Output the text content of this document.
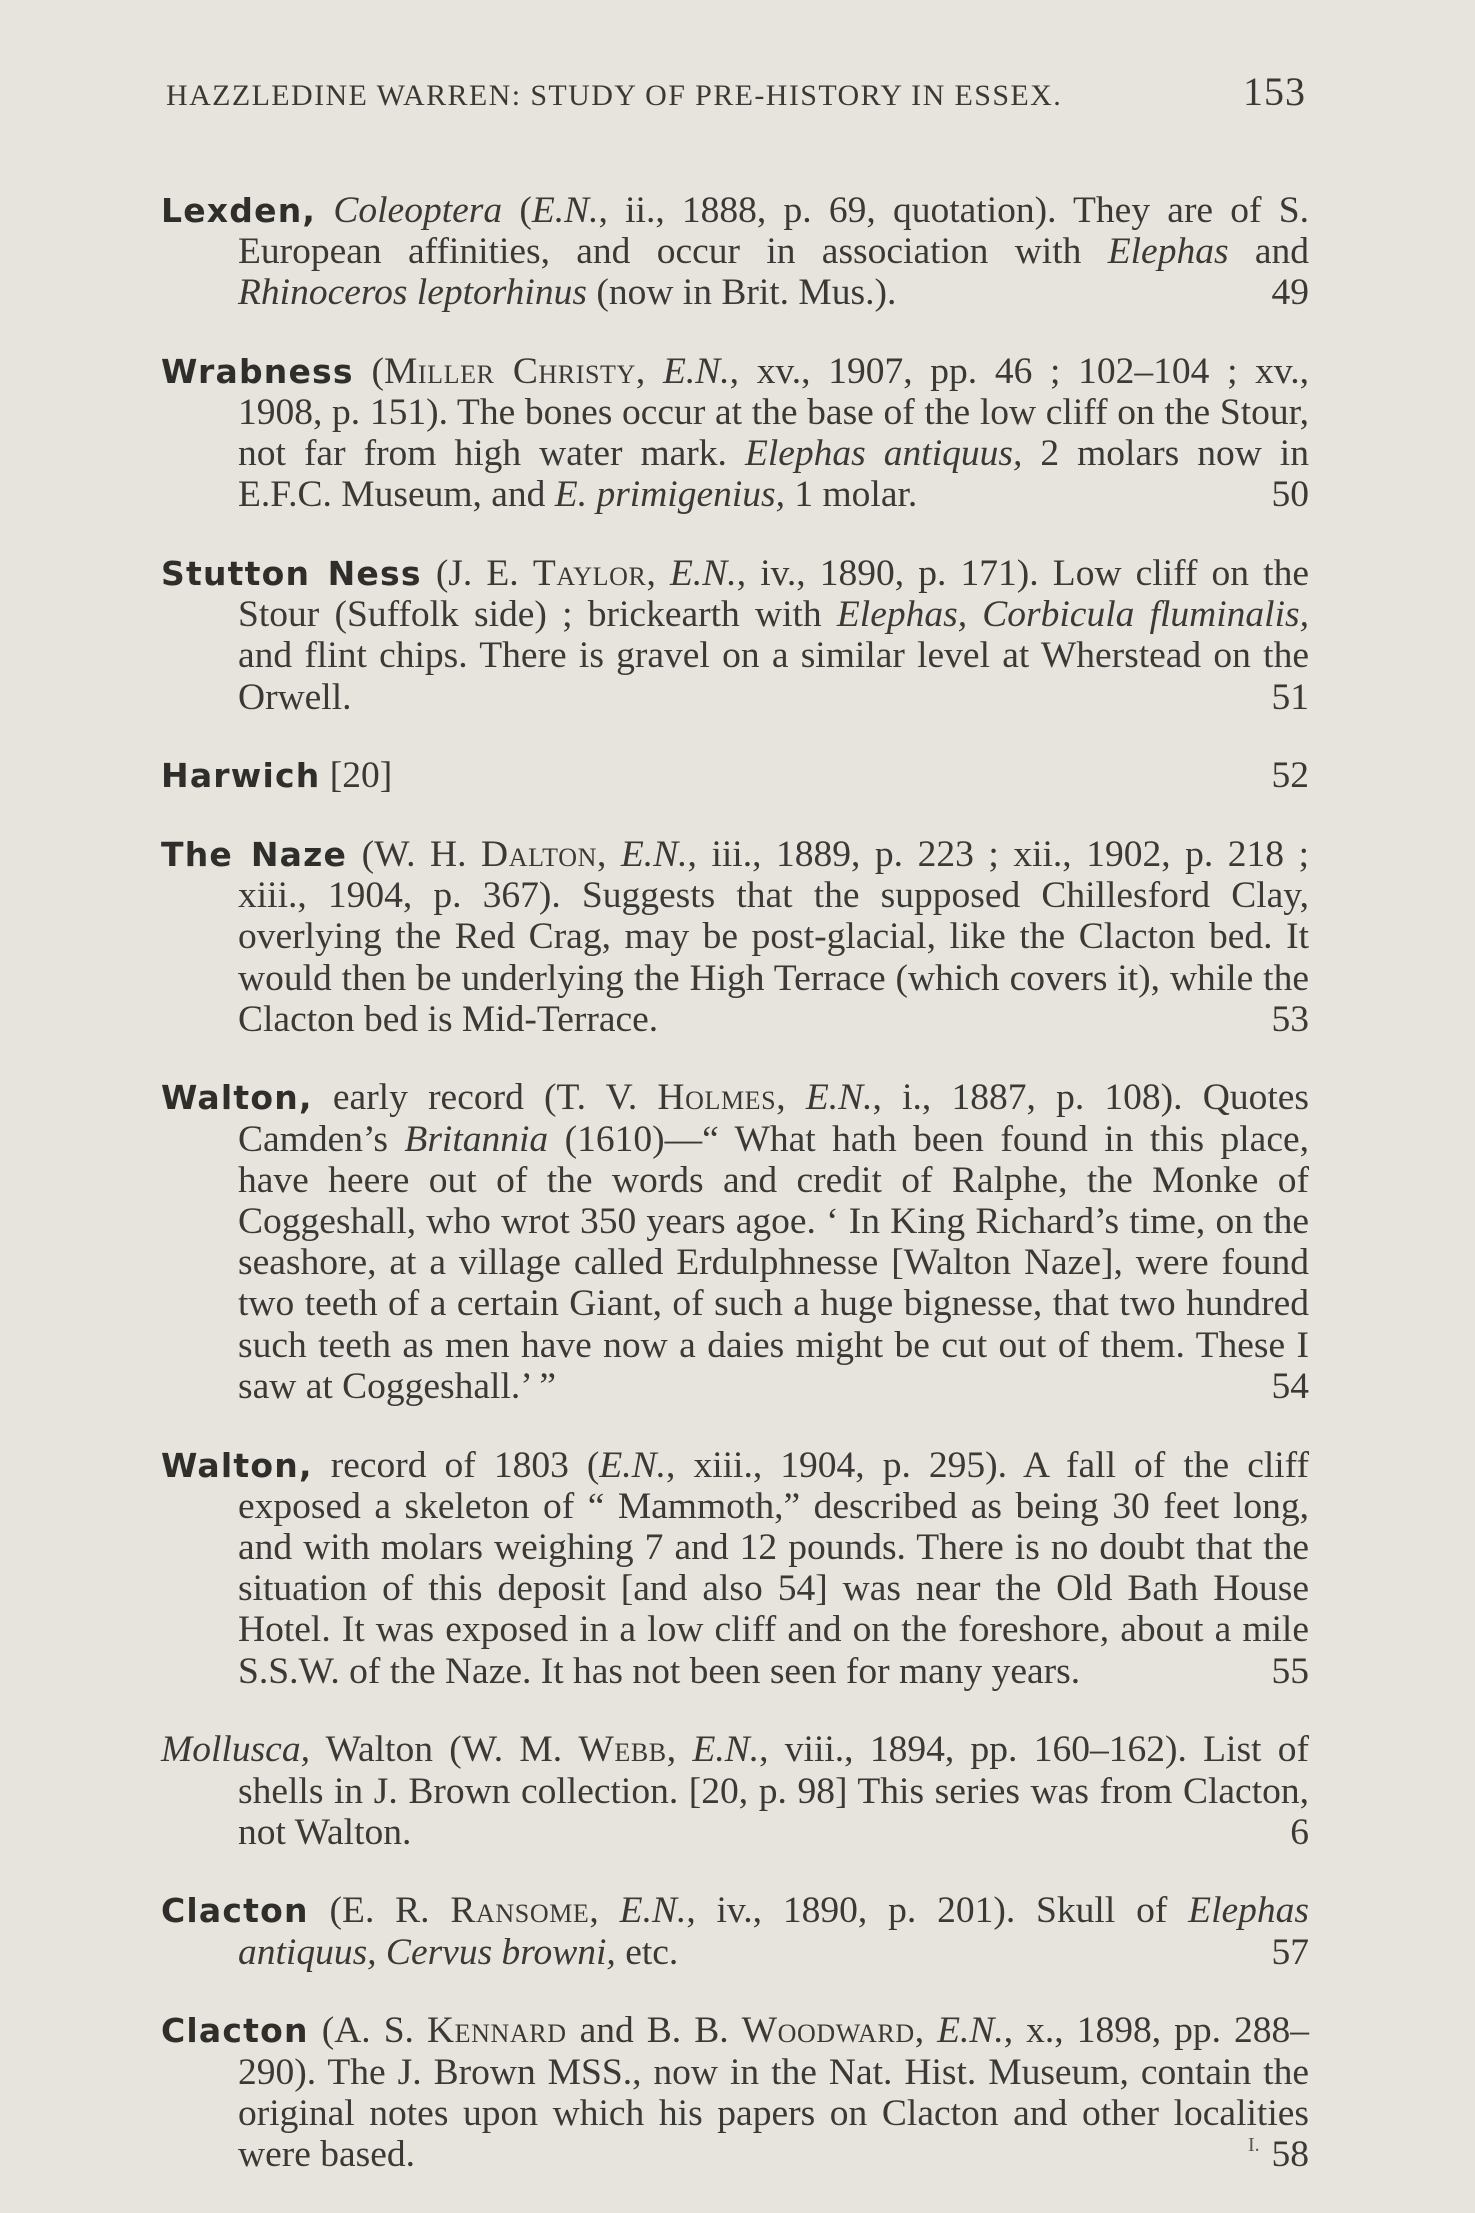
HAZZLEDINE WARREN: STUDY OF PRE-HISTORY IN ESSEX.	153

Lexden, Coleoptera (E.N., ii., 1888, p. 69, quotation). They are of S. European affinities, and occur in association with Elephas and Rhinoceros leptorhinus (now in Brit. Mus.).	49

Wrabness (Miller Christy, E.N., xv., 1907, pp. 46 ; 102–104 ; xv., 1908, p. 151). The bones occur at the base of the low cliff on the Stour, not far from high water mark. Elephas antiquus, 2 molars now in E.F.C. Museum, and E. primigenius, 1 molar.	50

Stutton Ness (J. E. Taylor, E.N., iv., 1890, p. 171). Low cliff on the Stour (Suffolk side) ; brickearth with Elephas, Corbicula fluminalis, and flint chips. There is gravel on a similar level at Wherstead on the Orwell.	51

Harwich [20]	52

The Naze (W. H. Dalton, E.N., iii., 1889, p. 223 ; xii., 1902, p. 218 ; xiii., 1904, p. 367). Suggests that the supposed Chillesford Clay, overlying the Red Crag, may be post-glacial, like the Clacton bed. It would then be underlying the High Terrace (which covers it), while the Clacton bed is Mid-Terrace.	53

Walton, early record (T. V. Holmes, E.N., i., 1887, p. 108). Quotes Camden’s Britannia (1610)—“ What hath been found in this place, have heere out of the words and credit of Ralphe, the Monke of Coggeshall, who wrot 350 years agoe. ‘ In King Richard’s time, on the seashore, at a village called Erdulphnesse [Walton Naze], were found two teeth of a certain Giant, of such a huge bignesse, that two hundred such teeth as men have now a daies might be cut out of them. These I saw at Coggeshall.’ ”	54

Walton, record of 1803 (E.N., xiii., 1904, p. 295). A fall of the cliff exposed a skeleton of “ Mammoth,” described as being 30 feet long, and with molars weighing 7 and 12 pounds. There is no doubt that the situation of this deposit [and also 54] was near the Old Bath House Hotel. It was exposed in a low cliff and on the foreshore, about a mile S.S.W. of the Naze. It has not been seen for many years.	55

Mollusca, Walton (W. M. Webb, E.N., viii., 1894, pp. 160–162). List of shells in J. Brown collection. [20, p. 98] This series was from Clacton, not Walton.	6

Clacton (E. R. Ransome, E.N., iv., 1890, p. 201). Skull of Elephas antiquus, Cervus browni, etc.	57

Clacton (A. S. Kennard and B. B. Woodward, E.N., x., 1898, pp. 288–290). The J. Brown MSS., now in the Nat. Hist. Museum, contain the original notes upon which his papers on Clacton and other localities were based.	58

I.
